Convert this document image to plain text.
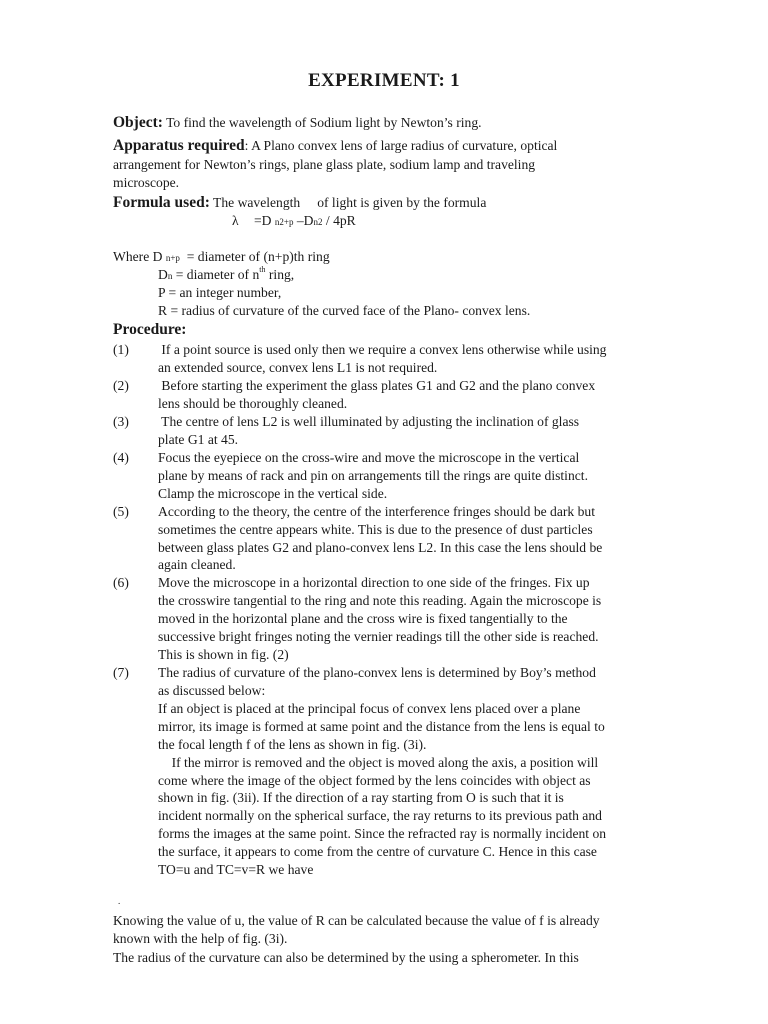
EXPERIMENT: 1
Object: To find the wavelength of Sodium light by Newton’s ring.
Apparatus required: A Plano convex lens of large radius of curvature, optical
arrangement for Newton’s rings, plane glass plate, sodium lamp and traveling
microscope.
Formula used: The wavelength     of light is given by the formula
λ =D n2+p –Dn2 / 4pR
Where D n+p  = diameter of (n+p)th ring
Dn = diameter of $n^{th}$ ring,
P = an integer number,
R = radius of curvature of the curved face of the Plano- convex lens.
Procedure:
(1) If a point source is used only then we require a convex lens otherwise while using
an extended source, convex lens L1 is not required.
(2) Before starting the experiment the glass plates G1 and G2 and the plano convex
lens should be thoroughly cleaned.
(3) The centre of lens L2 is well illuminated by adjusting the inclination of glass
plate G1 at 45.
(4) Focus the eyepiece on the cross-wire and move the microscope in the vertical
plane by means of rack and pin on arrangements till the rings are quite distinct.
Clamp the microscope in the vertical side.
(5) According to the theory, the centre of the interference fringes should be dark but
sometimes the centre appears white. This is due to the presence of dust particles
between glass plates G2 and plano-convex lens L2. In this case the lens should be
again cleaned.
(6) Move the microscope in a horizontal direction to one side of the fringes. Fix up
the crosswire tangential to the ring and note this reading. Again the microscope is
moved in the horizontal plane and the cross wire is fixed tangentially to the
successive bright fringes noting the vernier readings till the other side is reached.
This is shown in fig. (2)
(7) The radius of curvature of the plano-convex lens is determined by Boy’s method
as discussed below:
If an object is placed at the principal focus of convex lens placed over a plane
mirror, its image is formed at same point and the distance from the lens is equal to
the focal length f of the lens as shown in fig. (3i).
If the mirror is removed and the object is moved along the axis, a position will
come where the image of the object formed by the lens coincides with object as
shown in fig. (3ii). If the direction of a ray starting from O is such that it is
incident normally on the spherical surface, the ray returns to its previous path and
forms the images at the same point. Since the refracted ray is normally incident on
the surface, it appears to come from the centre of curvature C. Hence in this case
TO=u and TC=v=R we have
.
Knowing the value of u, the value of R can be calculated because the value of f is already
known with the help of fig. (3i).
The radius of the curvature can also be determined by the using a spherometer. In this
